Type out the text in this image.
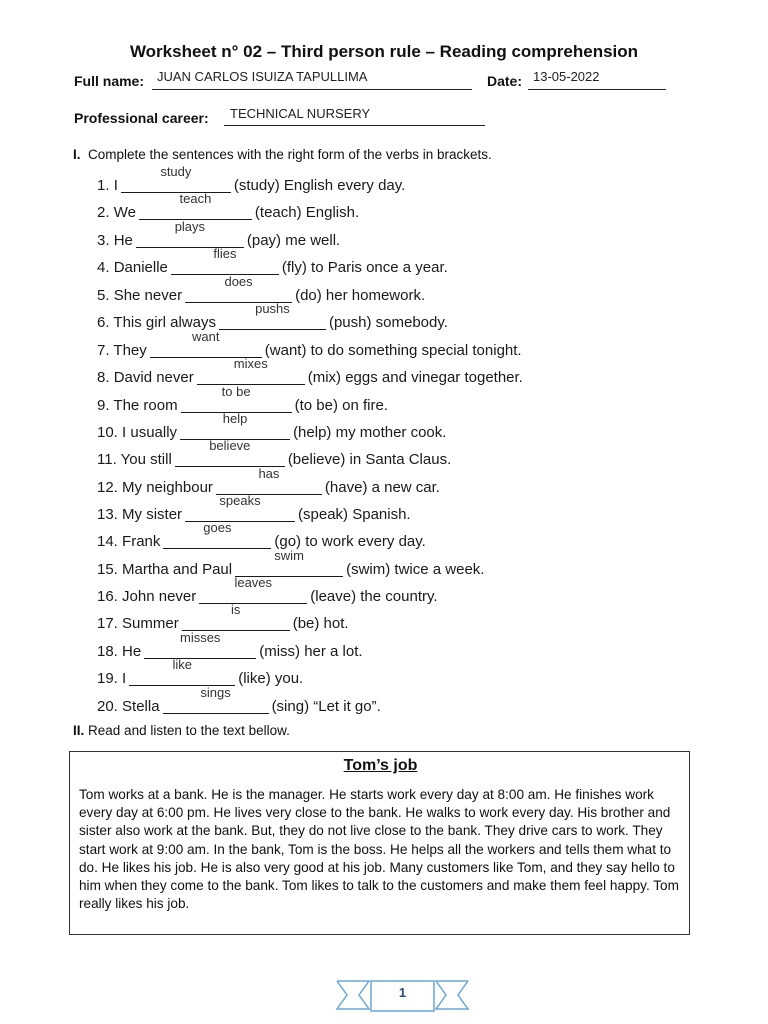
Worksheet n° 02 – Third person rule – Reading comprehension
Full name: JUAN CARLOS ISUIZA TAPULLIMA	Date: 13-05-2022
Professional career: TECHNICAL NURSERY
I. Complete the sentences with the right form of the verbs in brackets.
1. I
study
(study) English every day.
2. We
teach
(teach) English.
3. He
plays
(pay) me well.
4. Danielle
flies
(fly) to Paris once a year.
5. She never
does
(do) her homework.
6. This girl always
pushs
(push) somebody.
7. They
want
(want) to do something special tonight.
8. David never
mixes
(mix) eggs and vinegar together.
9. The room
to be
(to be) on fire.
10. I usually
help
(help) my mother cook.
11. You still
believe
(believe) in Santa Claus.
12. My neighbour
has
(have) a new car.
13. My sister
speaks
(speak) Spanish.
14. Frank
goes
(go) to work every day.
15. Martha and Paul
swim
(swim) twice a week.
16. John never
leaves
(leave) the country.
17. Summer
is
(be) hot.
18. He
misses
(miss) her a lot.
19. I
like
(like) you.
20. Stella
sings
(sing) “Let it go”.
II. Read and listen to the text bellow.
Tom’s job
Tom works at a bank. He is the manager. He starts work every day at 8:00 am. He finishes work every day at 6:00 pm. He lives very close to the bank. He walks to work every day. His brother and sister also work at the bank. But, they do not live close to the bank. They drive cars to work. They start work at 9:00 am. In the bank, Tom is the boss. He helps all the workers and tells them what to do. He likes his job. He is also very good at his job. Many customers like Tom, and they say hello to him when they come to the bank. Tom likes to talk to the customers and make them feel happy. Tom really likes his job.
1
